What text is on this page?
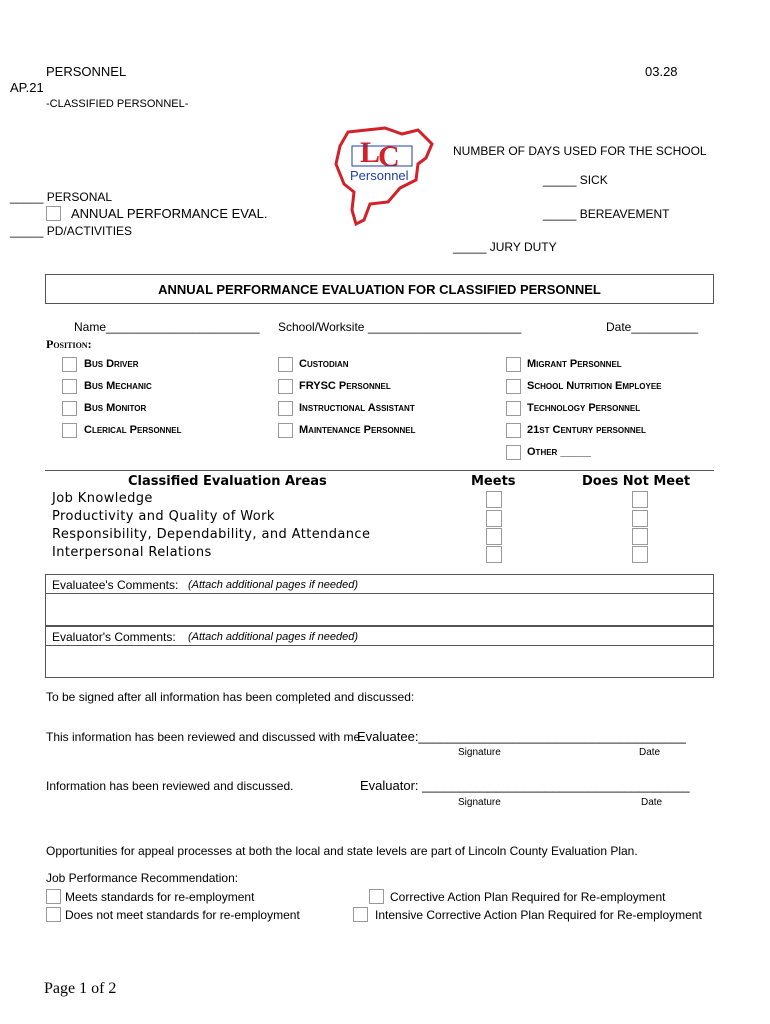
PERSONNEL	03.28
AP.21
-CLASSIFIED PERSONNEL-
L
C
Personnel
NUMBER OF DAYS USED FOR THE SCHOOL
_____ SICK
_____ PERSONAL
ANNUAL PERFORMANCE EVAL.	_____ BEREAVEMENT
_____ PD/ACTIVITIES
_____ JURY DUTY
ANNUAL PERFORMANCE EVALUATION FOR CLASSIFIED PERSONNEL
Name_______________________ School/Worksite _______________________	Date__________
Position:
Bus Driver
Bus Mechanic
Bus Monitor
Clerical Personnel
Custodian
FRYSC Personnel
Instructional Assistant
Maintenance Personnel
Migrant Personnel
School Nutrition Employee
Technology Personnel
21st Century personnel
Other _____
Classified Evaluation Areas	Meets	Does Not Meet
Job Knowledge
Productivity and Quality of Work
Responsibility, Dependability, and Attendance
Interpersonal Relations
Evaluatee's Comments: (Attach additional pages if needed)
Evaluator's Comments: (Attach additional pages if needed)
To be signed after all information has been completed and discussed:
This information has been reviewed and discussed with me.
Evaluatee:_____________________________________
Signature	Date
Information has been reviewed and discussed.	Evaluator: _____________________________________
Signature	Date
Opportunities for appeal processes at both the local and state levels are part of Lincoln County Evaluation Plan.
Job Performance Recommendation:
Meets standards for re-employment
Does not meet standards for re-employment
Corrective Action Plan Required for Re-employment
Intensive Corrective Action Plan Required for Re-employment
Page 1 of 2
